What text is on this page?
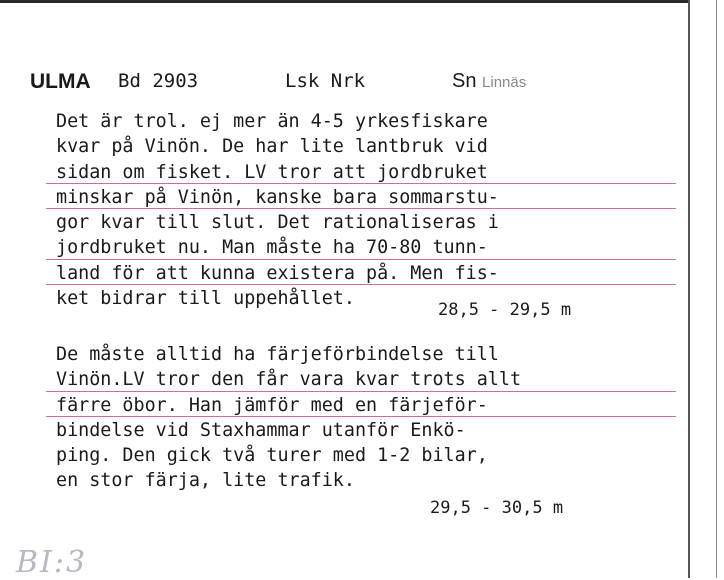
ULMA Bd 2903	Lsk Nrk	Sn Linnäs
Det är trol. ej mer än 4-5 yrkesfiskare
kvar på Vinön. De har lite lantbruk vid
sidan om fisket. LV tror att jordbruket
minskar på Vinön, kanske bara sommarstu-
gor kvar till slut. Det rationaliseras i
jordbruket nu. Man måste ha 70-80 tunn-
land för att kunna existera på. Men fis-
ket bidrar till uppehållet.
28,5 - 29,5 m
De måste alltid ha färjeförbindelse till
Vinön.LV tror den får vara kvar trots allt
färre öbor. Han jämför med en färjeför-
bindelse vid Staxhammar utanför Enkö-
ping. Den gick två turer med 1-2 bilar,
en stor färja, lite trafik.
29,5 - 30,5 m
BI:3
